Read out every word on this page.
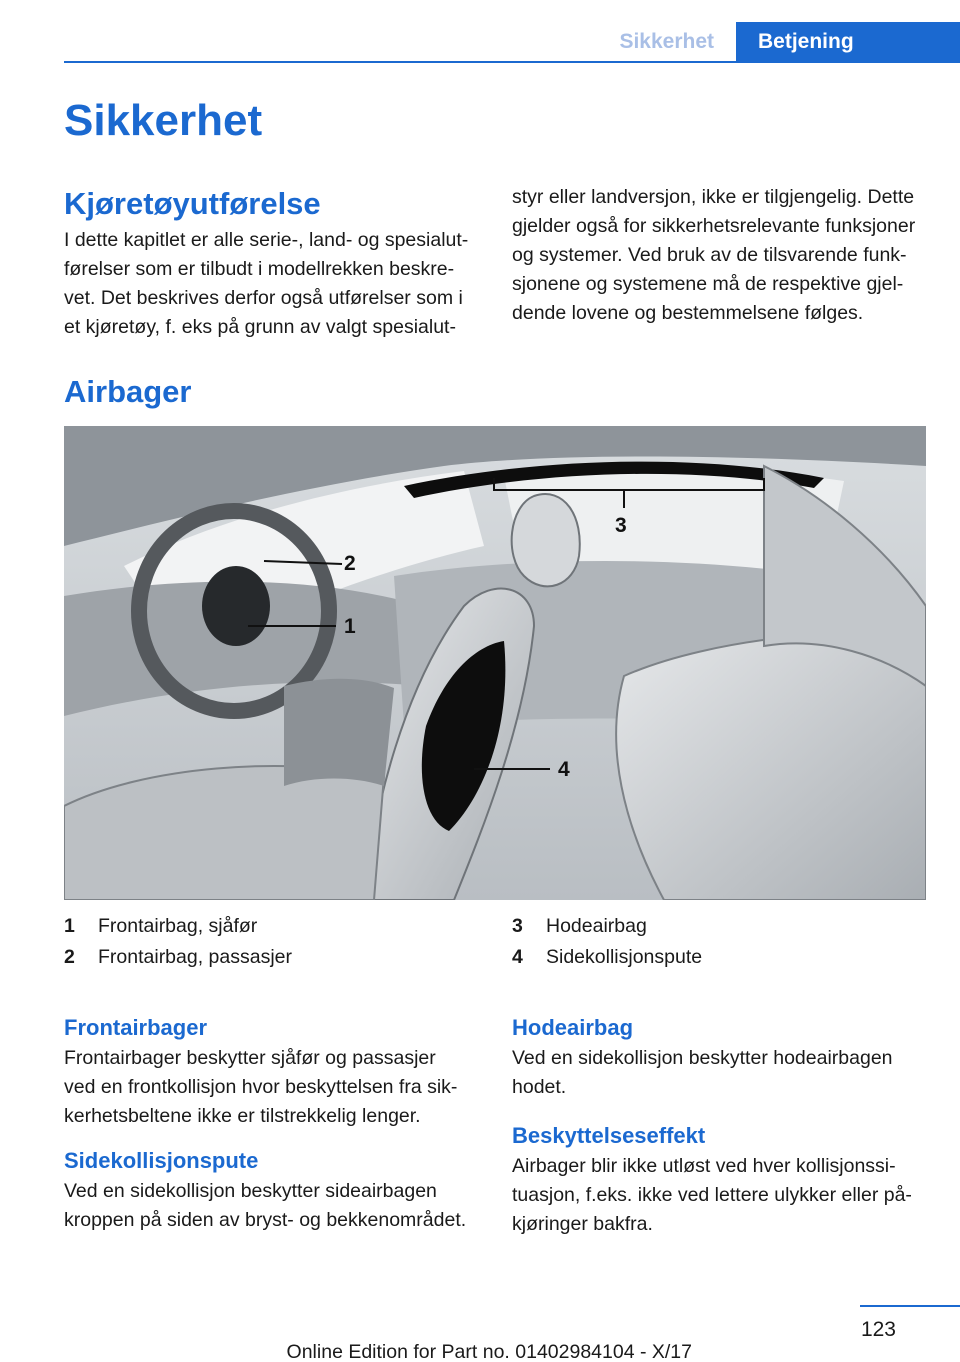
Sikkerhet	Betjening
Sikkerhet
Kjøretøyutførelse
I dette kapitlet er alle serie-, land- og spesialut-
førelser som er tilbudt i modellrekken beskre-
vet. Det beskrives derfor også utførelser som i
et kjøretøy, f. eks på grunn av valgt spesialut-
styr eller landversjon, ikke er tilgjengelig. Dette
gjelder også for sikkerhetsrelevante funksjoner
og systemer. Ved bruk av de tilsvarende funk-
sjonene og systemene må de respektive gjel-
dende lovene og bestemmelsene følges.
Airbager
3
2
1
4
1	Frontairbag, sjåfør
2	Frontairbag, passasjer
3	Hodeairbag
4	Sidekollisjonspute
Frontairbager
Frontairbager beskytter sjåfør og passasjer
ved en frontkollisjon hvor beskyttelsen fra sik-
kerhetsbeltene ikke er tilstrekkelig lenger.
Sidekollisjonspute
Ved en sidekollisjon beskytter sideairbagen
kroppen på siden av bryst- og bekkenområdet.
Hodeairbag
Ved en sidekollisjon beskytter hodeairbagen
hodet.
Beskyttelseseffekt
Airbager blir ikke utløst ved hver kollisjonssi-
tuasjon, f.eks. ikke ved lettere ulykker eller på-
kjøringer bakfra.
123
Online Edition for Part no. 01402984104 - X/17
